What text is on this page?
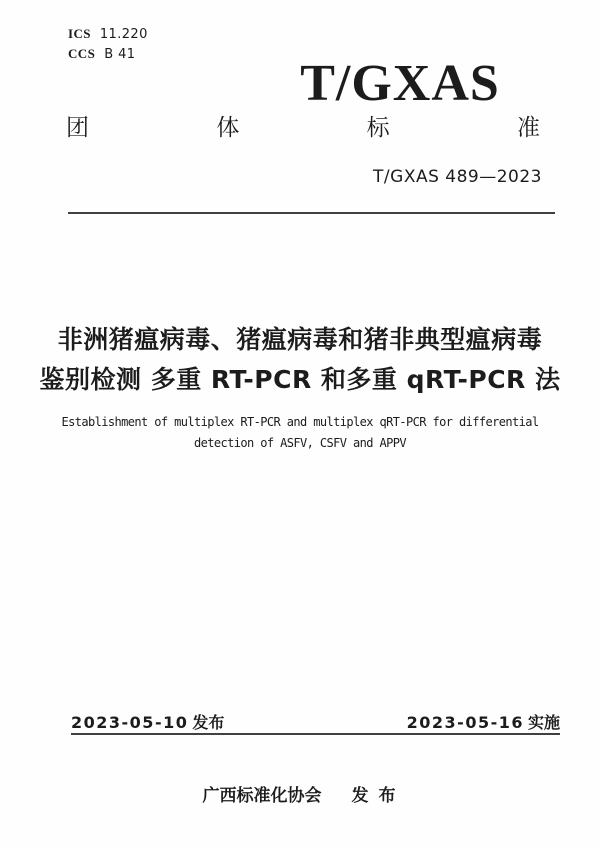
ICS 11.220
CCS B 41
T/GXAS
团	体	标	准
T/GXAS 489—2023
非洲猪瘟病毒、猪瘟病毒和猪非典型瘟病毒
鉴别检测 多重 RT-PCR 和多重 qRT-PCR 法
Establishment of multiplex RT-PCR and multiplex qRT-PCR for differential
detection of ASFV, CSFV and APPV
2023-05-10 发布	2023-05-16 实施
广西标准化协会 发 布
